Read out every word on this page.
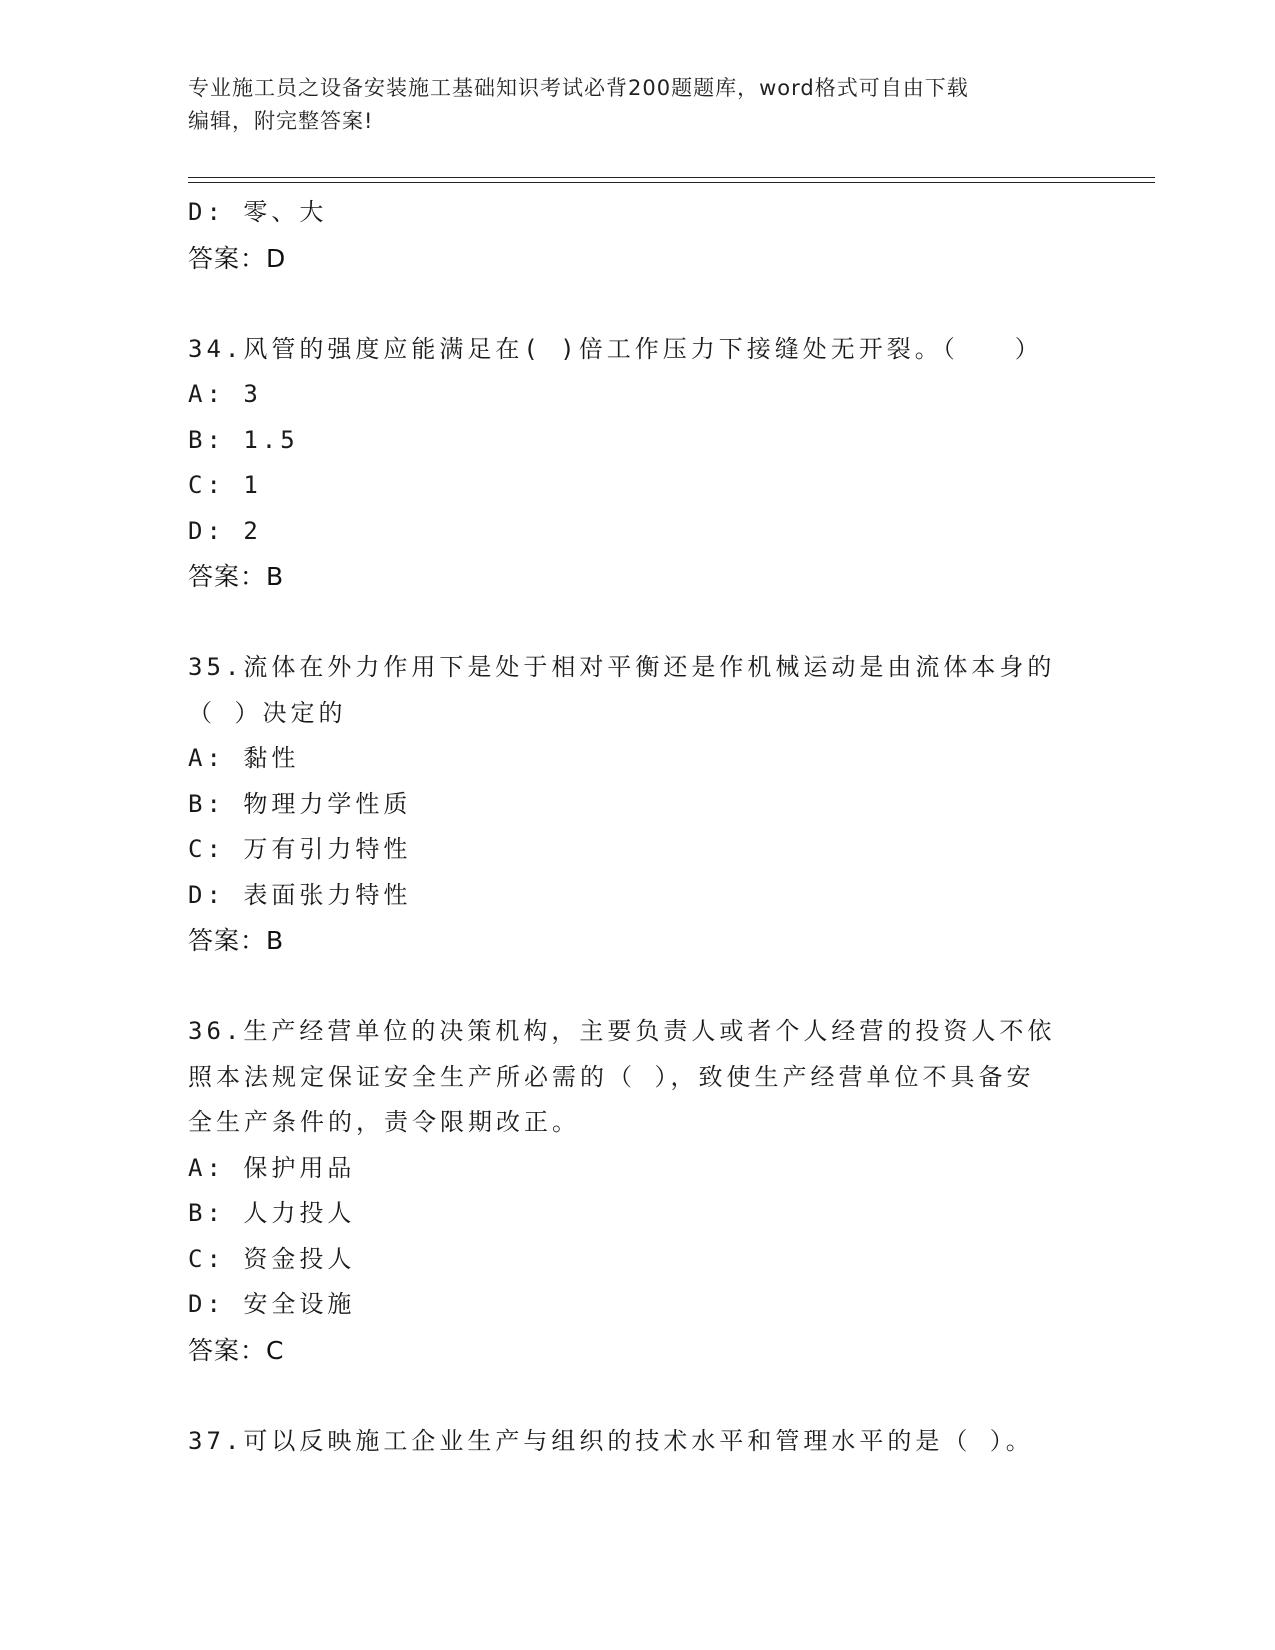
专业施工员之设备安装施工基础知识考试必背200题题库，word格式可自由下载
编辑，附完整答案!
D: 零、大
答案：D
34.风管的强度应能满足在( )倍工作压力下接缝处无开裂。（　　）
A: 3
B: 1.5
C: 1
D: 2
答案：B
35.流体在外力作用下是处于相对平衡还是作机械运动是由流体本身的
（ ）决定的
A: 黏性
B: 物理力学性质
C: 万有引力特性
D: 表面张力特性
答案：B
36.生产经营单位的决策机构，主要负责人或者个人经营的投资人不依
照本法规定保证安全生产所必需的（ ），致使生产经营单位不具备安
全生产条件的，责令限期改正。
A: 保护用品
B: 人力投人
C: 资金投人
D: 安全设施
答案：C
37.可以反映施工企业生产与组织的技术水平和管理水平的是（ ）。
